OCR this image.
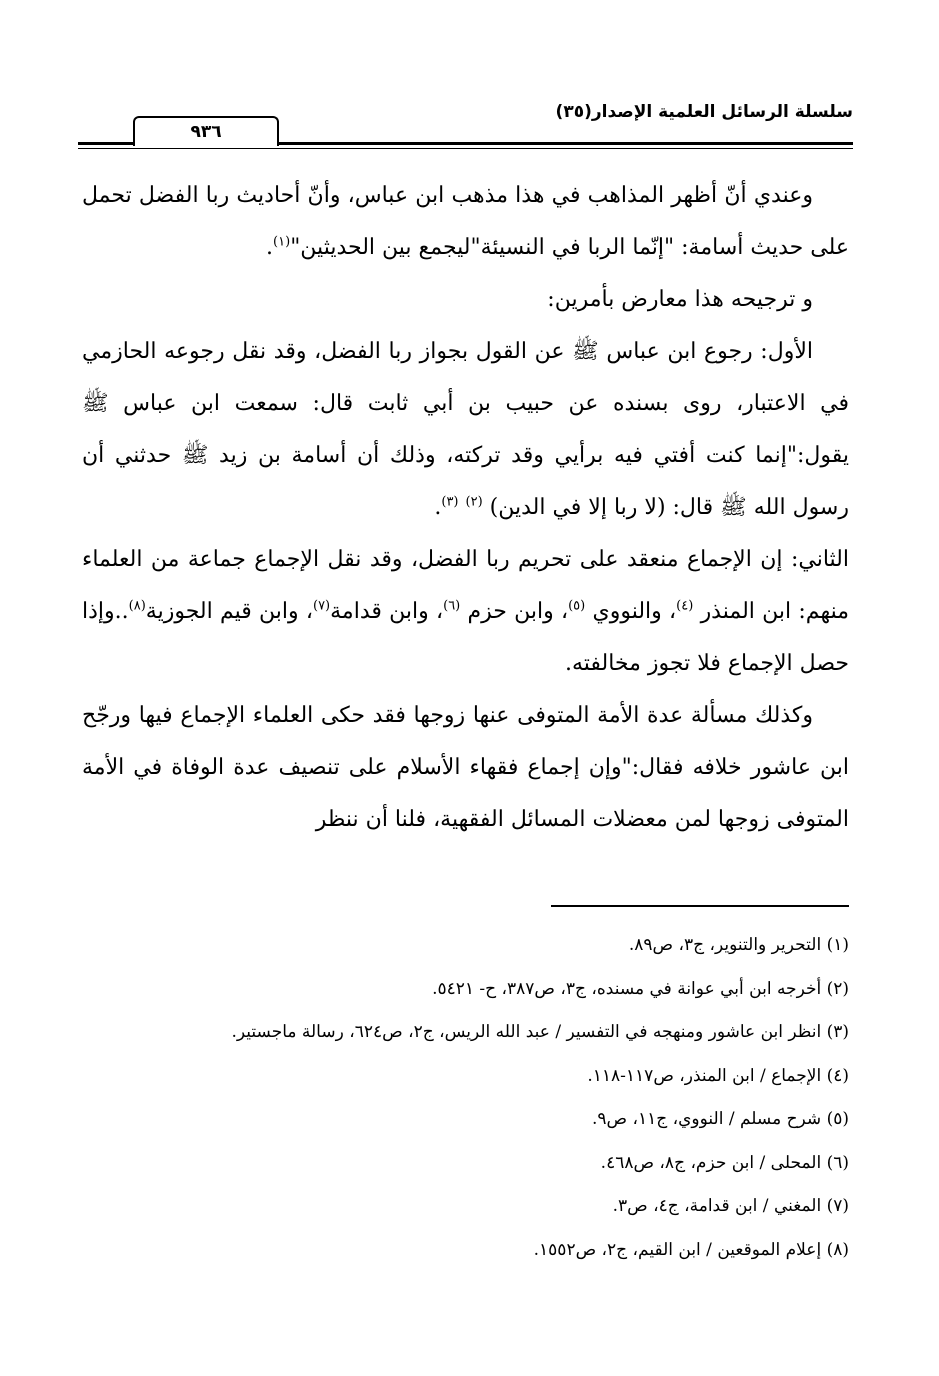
سلسلة الرسائل العلمية الإصدار(٣٥)
٩٣٦

وعندي أنّ أظهر المذاهب في هذا مذهب ابن عباس، وأنّ أحاديث ربا الفضل تحمل على حديث أسامة: "إنّما الربا في النسيئة"ليجمع بين الحديثين"$^{(١)}$.

و ترجيحه هذا معارض بأمرين:

الأول: رجوع ابن عباس ﷺ عن القول بجواز ربا الفضل، وقد نقل رجوعه الحازمي في الاعتبار، روى بسنده عن حبيب بن أبي ثابت قال: سمعت ابن عباس ﷺ يقول:"إنما كنت أفتي فيه برأيي وقد تركته، وذلك أن أسامة بن زيد ﷺ حدثني أن رسول الله ﷺ قال: (لا ربا إلا في الدين) $^{(٢)}$ $^{(٣)}$.

الثاني: إن الإجماع منعقد على تحريم ربا الفضل، وقد نقل الإجماع جماعة من العلماء منهم: ابن المنذر $^{(٤)}$، والنووي $^{(٥)}$، وابن حزم $^{(٦)}$، وابن قدامة$^{(٧)}$، وابن قيم الجوزية$^{(٨)}$..وإذا حصل الإجماع فلا تجوز مخالفته.

وكذلك مسألة عدة الأمة المتوفى عنها زوجها فقد حكى العلماء الإجماع فيها ورجّح ابن عاشور خلافه فقال:"وإن إجماع فقهاء الأسلام على تنصيف عدة الوفاة في الأمة المتوفى زوجها لمن معضلات المسائل الفقهية، فلنا أن ننظر

(١) التحرير والتنوير، ج٣، ص٨٩.
(٢) أخرجه ابن أبي عوانة في مسنده، ج٣، ص٣٨٧، ح- ٥٤٢١.
(٣) انظر ابن عاشور ومنهجه في التفسير / عبد الله الريس، ج٢، ص٦٢٤، رسالة ماجستير.
(٤) الإجماع / ابن المنذر، ص١١٧-١١٨.
(٥) شرح مسلم / النووي، ج١١، ص٩.
(٦) المحلى / ابن حزم، ج٨، ص٤٦٨.
(٧) المغني / ابن قدامة، ج٤، ص٣.
(٨) إعلام الموقعين / ابن القيم، ج٢، ص١٥٥٢.
